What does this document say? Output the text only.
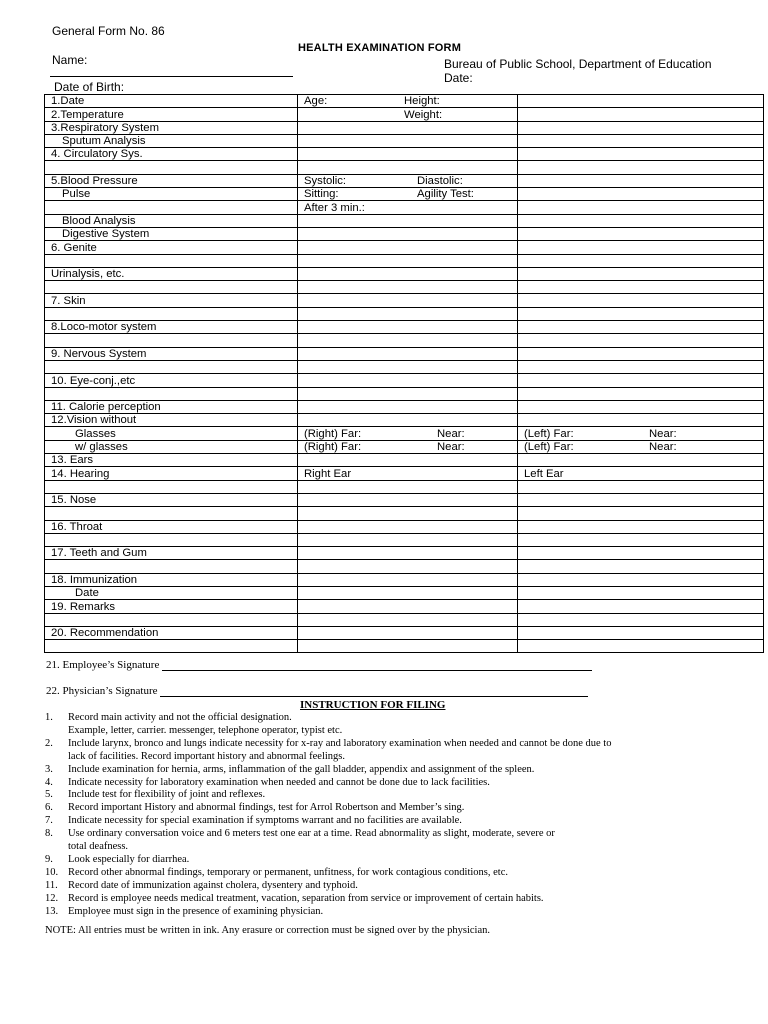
General Form No. 86
HEALTH EXAMINATION FORM
Name:	Bureau of Public School, Department of Education
Date:
Date of Birth:
1.Date	Age: Height:	
2.Temperature	Weight:	
3.Respiratory System		
Sputum Analysis		
4. Circulatory Sys.		

5.Blood Pressure	Systolic: Diastolic:	
Pulse	Sitting: Agility Test:	
	After 3 min.:	
Blood Analysis		
Digestive System		
6. Genite		

Urinalysis, etc.		

7. Skin		

8.Loco-motor system		

9. Nervous System		

10. Eye-conj.,etc		

11. Calorie perception		
12.Vision without		
Glasses	(Right) Far: Near:	(Left) Far: Near:
w/ glasses	(Right) Far: Near:	(Left) Far: Near:
13. Ears		
14. Hearing	Right Ear	Left Ear

15. Nose		

16. Throat		

17. Teeth and Gum		

18. Immunization		
Date		
19. Remarks		

20. Recommendation		

21. Employee’s Signature
22. Physician’s Signature
INSTRUCTION FOR FILING
1. Record main activity and not the official designation.
Example, letter, carrier. messenger, telephone operator, typist etc.
2. Include larynx, bronco and lungs indicate necessity for x-ray and laboratory examination when needed and cannot be done due to
lack of facilities. Record important history and abnormal feelings.
3. Include examination for hernia, arms, inflammation of the gall bladder, appendix and assignment of the spleen.
4. Indicate necessity for laboratory examination when needed and cannot be done due to lack facilities.
5. Include test for flexibility of joint and reflexes.
6. Record important History and abnormal findings, test for Arrol Robertson and Member’s sing.
7. Indicate necessity for special examination if symptoms warrant and no facilities are available.
8. Use ordinary conversation voice and 6 meters test one ear at a time. Read abnormality as slight, moderate, severe or
total deafness.
9. Look especially for diarrhea.
10. Record other abnormal findings, temporary or permanent, unfitness, for work contagious conditions, etc.
11. Record date of immunization against cholera, dysentery and typhoid.
12. Record is employee needs medical treatment, vacation, separation from service or improvement of certain habits.
13. Employee must sign in the presence of examining physician.
NOTE: All entries must be written in ink. Any erasure or correction must be signed over by the physician.
